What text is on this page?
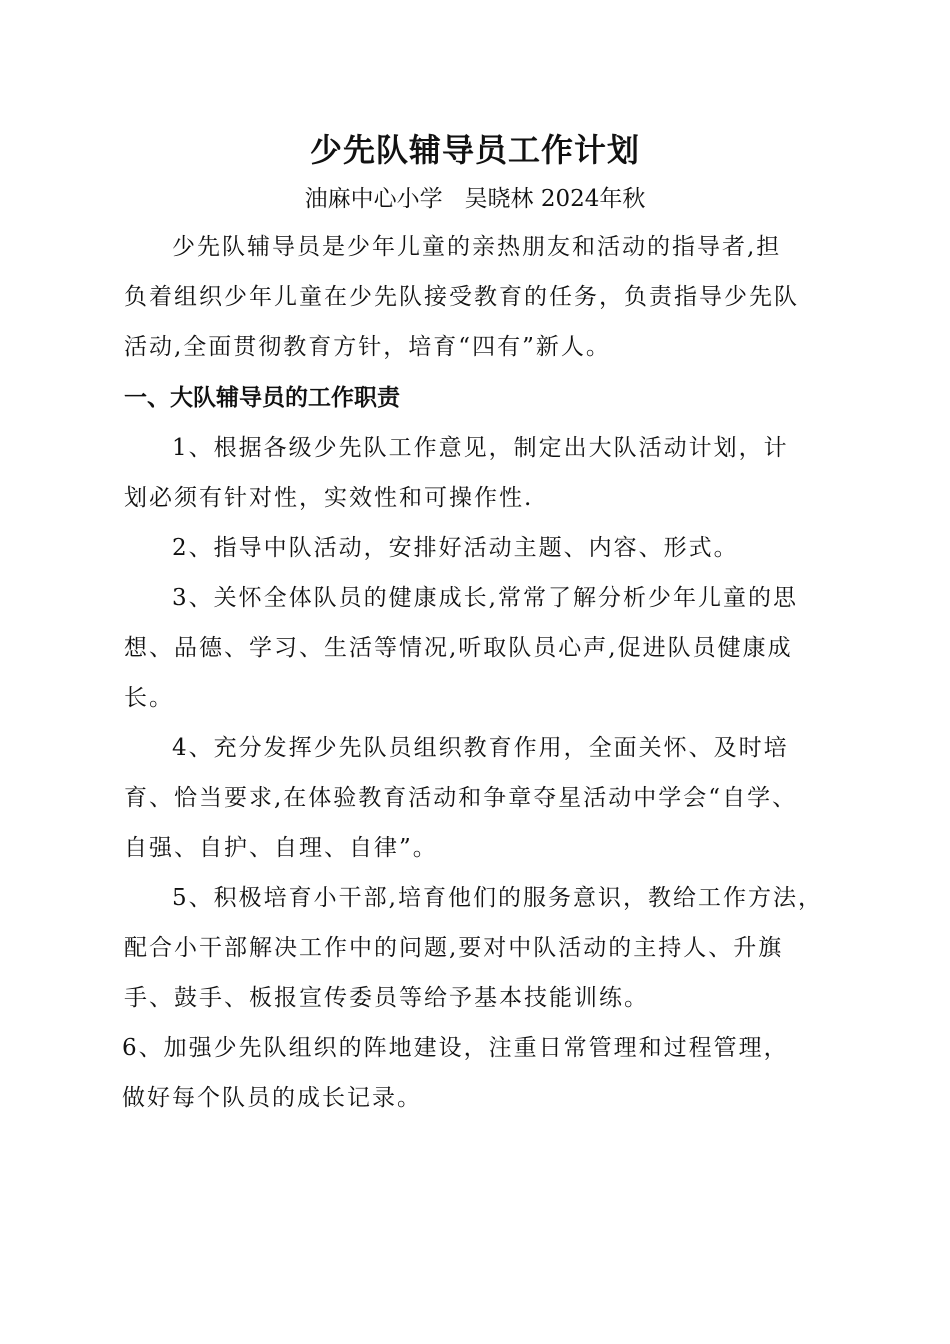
少先队辅导员工作计划

油麻中心小学   吴晓林 2024年秋

少先队辅导员是少年儿童的亲热朋友和活动的指导者,担

负着组织少年儿童在少先队接受教育的任务，负责指导少先队

活动,全面贯彻教育方针，培育“四有”新人。

一、大队辅导员的工作职责

1、根据各级少先队工作意见，制定出大队活动计划，计

划必须有针对性，实效性和可操作性.

2、指导中队活动，安排好活动主题、内容、形式。

3、关怀全体队员的健康成长,常常了解分析少年儿童的思

想、品德、学习、生活等情况,听取队员心声,促进队员健康成

长。

4、充分发挥少先队员组织教育作用，全面关怀、及时培

育、恰当要求,在体验教育活动和争章夺星活动中学会“自学、

自强、自护、自理、自律”。

5、积极培育小干部,培育他们的服务意识，教给工作方法，

配合小干部解决工作中的问题,要对中队活动的主持人、升旗

手、鼓手、板报宣传委员等给予基本技能训练。

6、加强少先队组织的阵地建设，注重日常管理和过程管理，

做好每个队员的成长记录。
